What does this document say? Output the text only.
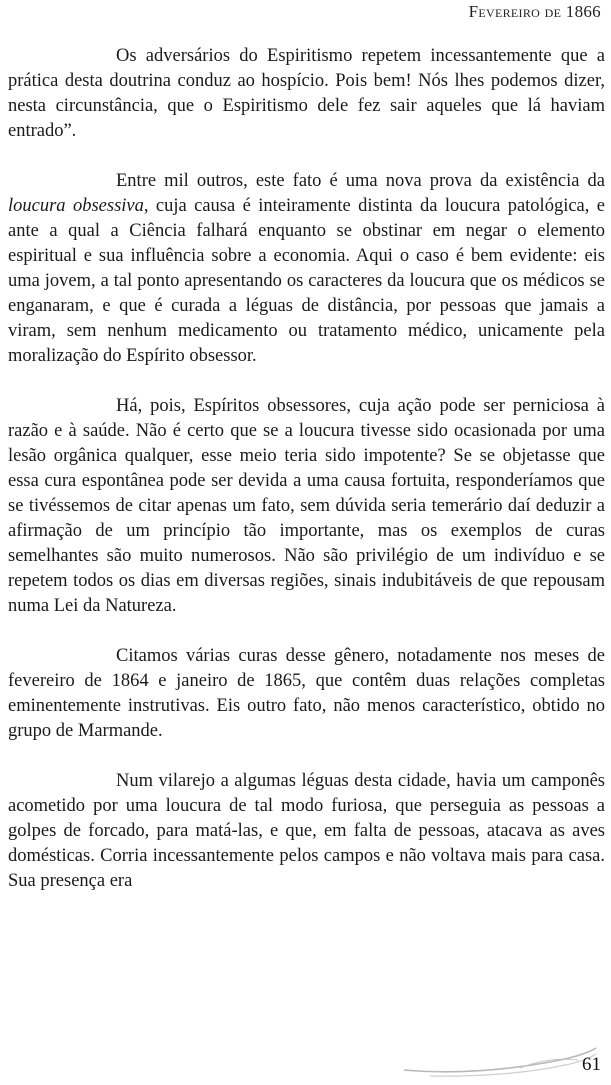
Fevereiro de 1866

Os adversários do Espiritismo repetem incessantemente que a prática desta doutrina conduz ao hospício. Pois bem! Nós lhes podemos dizer, nesta circunstância, que o Espiritismo dele fez sair aqueles que lá haviam entrado”.

Entre mil outros, este fato é uma nova prova da existência da loucura obsessiva, cuja causa é inteiramente distinta da loucura patológica, e ante a qual a Ciência falhará enquanto se obstinar em negar o elemento espiritual e sua influência sobre a economia. Aqui o caso é bem evidente: eis uma jovem, a tal ponto apresentando os caracteres da loucura que os médicos se enganaram, e que é curada a léguas de distância, por pessoas que jamais a viram, sem nenhum medicamento ou tratamento médico, unicamente pela moralização do Espírito obsessor.

Há, pois, Espíritos obsessores, cuja ação pode ser perniciosa à razão e à saúde. Não é certo que se a loucura tivesse sido ocasionada por uma lesão orgânica qualquer, esse meio teria sido impotente? Se se objetasse que essa cura espontânea pode ser devida a uma causa fortuita, responderíamos que se tivéssemos de citar apenas um fato, sem dúvida seria temerário daí deduzir a afirmação de um princípio tão importante, mas os exemplos de curas semelhantes são muito numerosos. Não são privilégio de um indivíduo e se repetem todos os dias em diversas regiões, sinais indubitáveis de que repousam numa Lei da Natureza.

Citamos várias curas desse gênero, notadamente nos meses de fevereiro de 1864 e janeiro de 1865, que contêm duas relações completas eminentemente instrutivas. Eis outro fato, não menos característico, obtido no grupo de Marmande.

Num vilarejo a algumas léguas desta cidade, havia um camponês acometido por uma loucura de tal modo furiosa, que perseguia as pessoas a golpes de forcado, para matá-las, e que, em falta de pessoas, atacava as aves domésticas. Corria incessantemente pelos campos e não voltava mais para casa. Sua presença era

61
